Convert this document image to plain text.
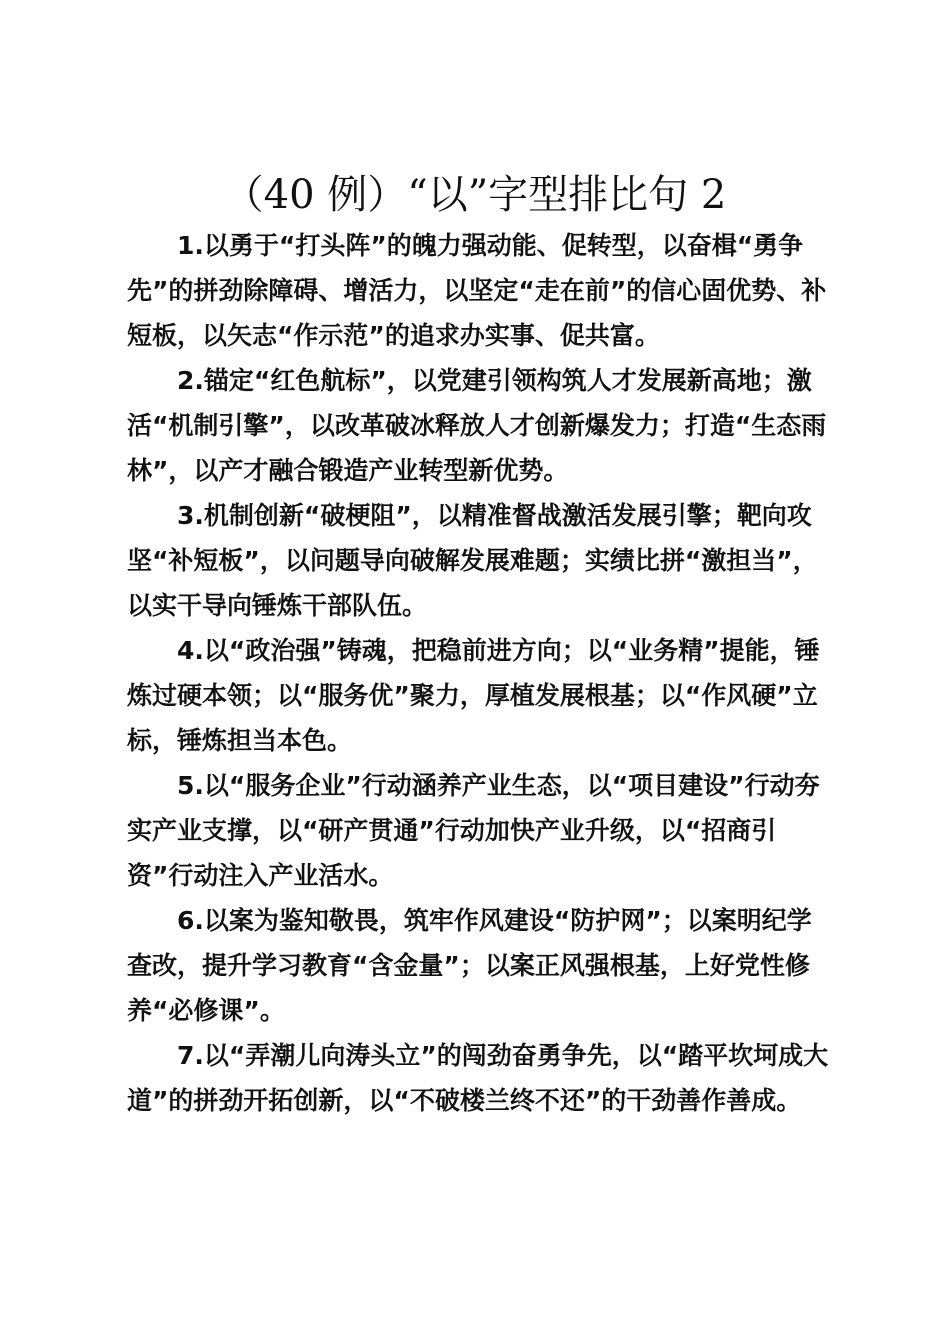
（40 例）“以”字型排比句 2

1.以勇于“打头阵”的魄力强动能、促转型，以奋楫“勇争先”的拼劲除障碍、增活力，以坚定“走在前”的信心固优势、补短板，以矢志“作示范”的追求办实事、促共富。

2.锚定“红色航标”，以党建引领构筑人才发展新高地；激活“机制引擎”，以改革破冰释放人才创新爆发力；打造“生态雨林”，以产才融合锻造产业转型新优势。

3.机制创新“破梗阻”，以精准督战激活发展引擎；靶向攻坚“补短板”，以问题导向破解发展难题；实绩比拼“激担当”，以实干导向锤炼干部队伍。

4.以“政治强”铸魂，把稳前进方向；以“业务精”提能，锤炼过硬本领；以“服务优”聚力，厚植发展根基；以“作风硬”立标，锤炼担当本色。

5.以“服务企业”行动涵养产业生态，以“项目建设”行动夯实产业支撑，以“研产贯通”行动加快产业升级，以“招商引资”行动注入产业活水。

6.以案为鉴知敬畏，筑牢作风建设“防护网”；以案明纪学查改，提升学习教育“含金量”；以案正风强根基，上好党性修养“必修课”。

7.以“弄潮儿向涛头立”的闯劲奋勇争先，以“踏平坎坷成大道”的拼劲开拓创新，以“不破楼兰终不还”的干劲善作善成。
